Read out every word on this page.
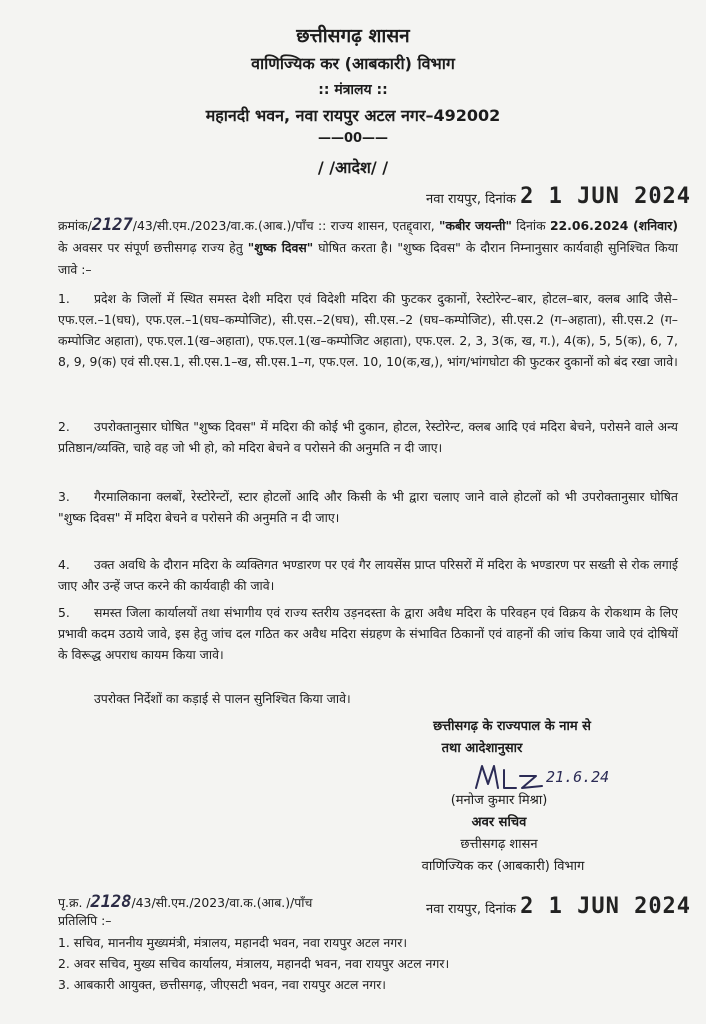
छत्तीसगढ़ शासन
वाणिज्यिक कर (आबकारी) विभाग
:: मंत्रालय ::
महानदी भवन, नवा रायपुर अटल नगर–492002
——00——
/ /आदेश/ /
नवा रायपुर, दिनांक 2 1 JUN 2024
क्रमांक/2127/43/सी.एम./2023/वा.क.(आब.)/पाँच :: राज्य शासन, एतद्द्वारा, "कबीर जयन्ती" दिनांक 22.06.2024 (शनिवार) के अवसर पर संपूर्ण छत्तीसगढ़ राज्य हेतु "शुष्क दिवस" घोषित करता है। "शुष्क दिवस" के दौरान निम्नानुसार कार्यवाही सुनिश्चित किया जावे :–
1. प्रदेश के जिलों में स्थित समस्त देशी मदिरा एवं विदेशी मदिरा की फुटकर दुकानों, रेस्टोरेन्ट–बार, होटल–बार, क्लब आदि जैसे–एफ.एल.–1(घघ), एफ.एल.–1(घघ–कम्पोजिट), सी.एस.–2(घघ), सी.एस.–2 (घघ–कम्पोजिट), सी.एस.2 (ग–अहाता), सी.एस.2 (ग–कम्पोजिट अहाता), एफ.एल.1(ख–अहाता), एफ.एल.1(ख–कम्पोजिट अहाता), एफ.एल. 2, 3, 3(क, ख, ग.), 4(क), 5, 5(क), 6, 7, 8, 9, 9(क) एवं सी.एस.1, सी.एस.1–ख, सी.एस.1–ग, एफ.एल. 10, 10(क,ख,), भांग/भांगघोटा की फुटकर दुकानों को बंद रखा जावे।
2. उपरोक्तानुसार घोषित "शुष्क दिवस" में मदिरा की कोई भी दुकान, होटल, रेस्टोरेन्ट, क्लब आदि एवं मदिरा बेचने, परोसने वाले अन्य प्रतिष्ठान/व्यक्ति, चाहे वह जो भी हो, को मदिरा बेचने व परोसने की अनुमति न दी जाए।
3. गैरमालिकाना क्लबों, रेस्टोरेन्टों, स्टार होटलों आदि और किसी के भी द्वारा चलाए जाने वाले होटलों को भी उपरोक्तानुसार घोषित "शुष्क दिवस" में मदिरा बेचने व परोसने की अनुमति न दी जाए।
4. उक्त अवधि के दौरान मदिरा के व्यक्तिगत भण्डारण पर एवं गैर लायसेंस प्राप्त परिसरों में मदिरा के भण्डारण पर सख्ती से रोक लगाई जाए और उन्हें जप्त करने की कार्यवाही की जावे।
5. समस्त जिला कार्यालयों तथा संभागीय एवं राज्य स्तरीय उड़नदस्ता के द्वारा अवैध मदिरा के परिवहन एवं विक्रय के रोकथाम के लिए प्रभावी कदम उठाये जावे, इस हेतु जांच दल गठित कर अवैध मदिरा संग्रहण के संभावित ठिकानों एवं वाहनों की जांच किया जावे एवं दोषियों के विरूद्ध अपराध कायम किया जावे।
उपरोक्त निर्देशों का कड़ाई से पालन सुनिश्चित किया जावे।
छत्तीसगढ़ के राज्यपाल के नाम से
तथा आदेशानुसार
21.6.24
(मनोज कुमार मिश्रा)
अवर सचिव
छत्तीसगढ़ शासन
वाणिज्यिक कर (आबकारी) विभाग
पृ.क्र. /2128/43/सी.एम./2023/वा.क.(आब.)/पाँच	नवा रायपुर, दिनांक 2 1 JUN 2024
प्रतिलिपि :–
1. सचिव, माननीय मुख्यमंत्री, मंत्रालय, महानदी भवन, नवा रायपुर अटल नगर।
2. अवर सचिव, मुख्य सचिव कार्यालय, मंत्रालय, महानदी भवन, नवा रायपुर अटल नगर।
3. आबकारी आयुक्त, छत्तीसगढ़, जीएसटी भवन, नवा रायपुर अटल नगर।
